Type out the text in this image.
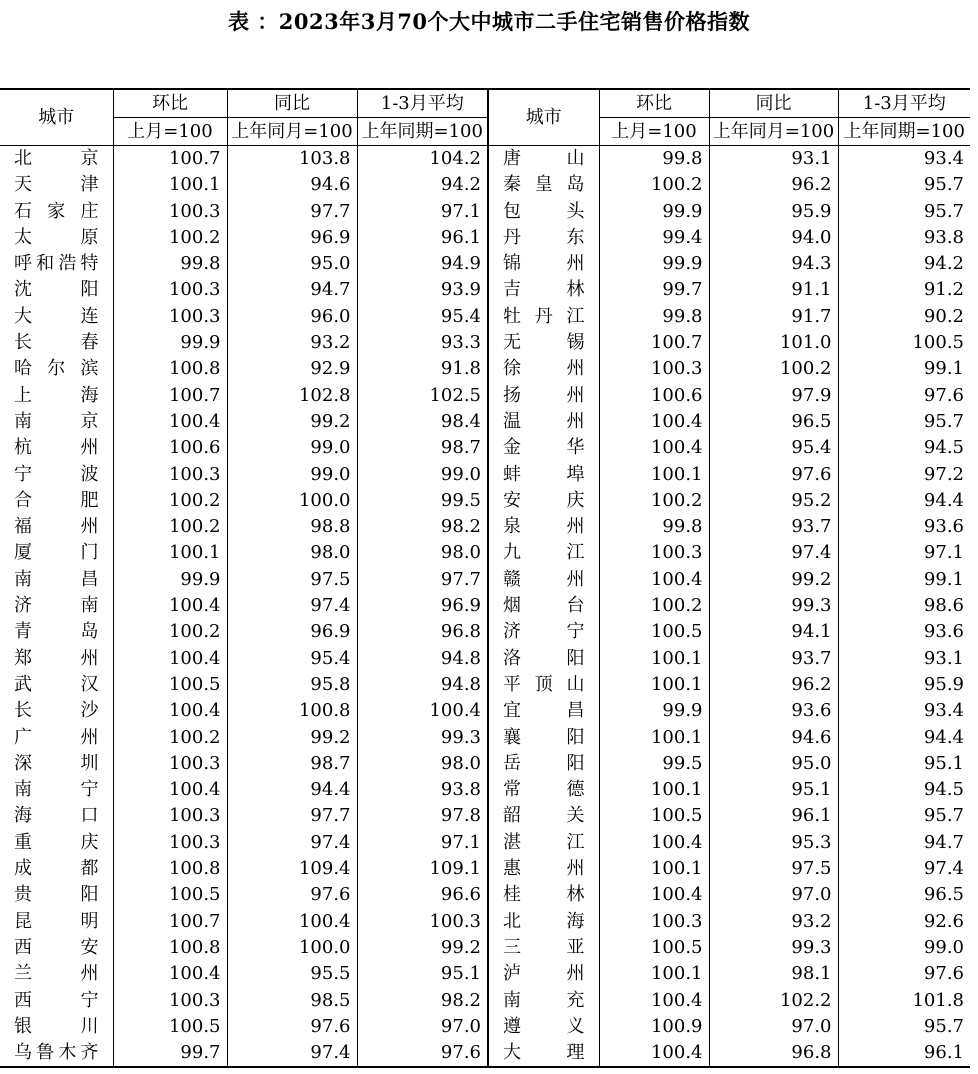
表 ：2023年3月70个大中城市二手住宅销售价格指数
城市	环比	同比	1-3月平均	城市	环比	同比	1-3月平均
	上月=100	上年同月=100	上年同期=100		上月=100	上年同月=100	上年同期=100
北京	100.7	103.8	104.2	唐山	99.8	93.1	93.4
天津	100.1	94.6	94.2	秦皇岛	100.2	96.2	95.7
石家庄	100.3	97.7	97.1	包头	99.9	95.9	95.7
太原	100.2	96.9	96.1	丹东	99.4	94.0	93.8
呼和浩特	99.8	95.0	94.9	锦州	99.9	94.3	94.2
沈阳	100.3	94.7	93.9	吉林	99.7	91.1	91.2
大连	100.3	96.0	95.4	牡丹江	99.8	91.7	90.2
长春	99.9	93.2	93.3	无锡	100.7	101.0	100.5
哈尔滨	100.8	92.9	91.8	徐州	100.3	100.2	99.1
上海	100.7	102.8	102.5	扬州	100.6	97.9	97.6
南京	100.4	99.2	98.4	温州	100.4	96.5	95.7
杭州	100.6	99.0	98.7	金华	100.4	95.4	94.5
宁波	100.3	99.0	99.0	蚌埠	100.1	97.6	97.2
合肥	100.2	100.0	99.5	安庆	100.2	95.2	94.4
福州	100.2	98.8	98.2	泉州	99.8	93.7	93.6
厦门	100.1	98.0	98.0	九江	100.3	97.4	97.1
南昌	99.9	97.5	97.7	赣州	100.4	99.2	99.1
济南	100.4	97.4	96.9	烟台	100.2	99.3	98.6
青岛	100.2	96.9	96.8	济宁	100.5	94.1	93.6
郑州	100.4	95.4	94.8	洛阳	100.1	93.7	93.1
武汉	100.5	95.8	94.8	平顶山	100.1	96.2	95.9
长沙	100.4	100.8	100.4	宜昌	99.9	93.6	93.4
广州	100.2	99.2	99.3	襄阳	100.1	94.6	94.4
深圳	100.3	98.7	98.0	岳阳	99.5	95.0	95.1
南宁	100.4	94.4	93.8	常德	100.1	95.1	94.5
海口	100.3	97.7	97.8	韶关	100.5	96.1	95.7
重庆	100.3	97.4	97.1	湛江	100.4	95.3	94.7
成都	100.8	109.4	109.1	惠州	100.1	97.5	97.4
贵阳	100.5	97.6	96.6	桂林	100.4	97.0	96.5
昆明	100.7	100.4	100.3	北海	100.3	93.2	92.6
西安	100.8	100.0	99.2	三亚	100.5	99.3	99.0
兰州	100.4	95.5	95.1	泸州	100.1	98.1	97.6
西宁	100.3	98.5	98.2	南充	100.4	102.2	101.8
银川	100.5	97.6	97.0	遵义	100.9	97.0	95.7
乌鲁木齐	99.7	97.4	97.6	大理	100.4	96.8	96.1
